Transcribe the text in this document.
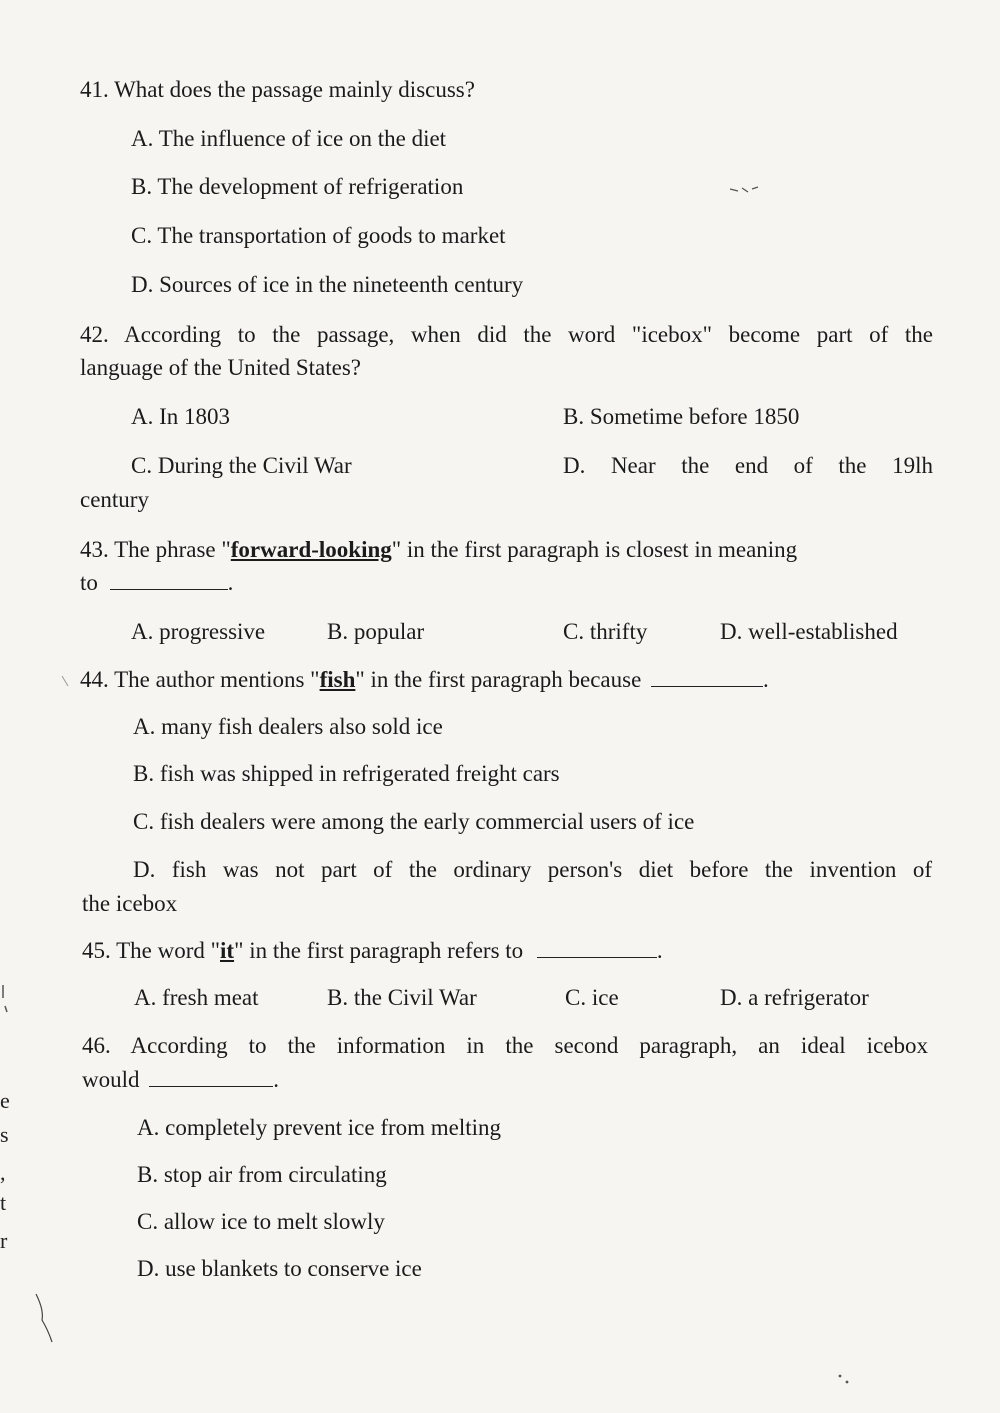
41. What does the passage mainly discuss?
A. The influence of ice on the diet
B. The development of refrigeration
C. The transportation of goods to market
D. Sources of ice in the nineteenth century
42. According to the passage, when did the word "icebox" become part of the
language of the United States?
A. In 1803	B. Sometime before 1850
C. During the Civil War	D. Near the end of the 19lh
century
43. The phrase "forward-looking" in the first paragraph is closest in meaning
to	.
A. progressive	B. popular	C. thrifty	D. well-established
44. The author mentions "fish" in the first paragraph because	.
A. many fish dealers also sold ice
B. fish was shipped in refrigerated freight cars
C. fish dealers were among the early commercial users of ice
D. fish was not part of the ordinary person's diet before the invention of
the icebox
45. The word "it" in the first paragraph refers to	.
A. fresh meat	B. the Civil War	C. ice	D. a refrigerator
46. According to the information in the second paragraph, an ideal icebox
would	.
A. completely prevent ice from melting
B. stop air from circulating
C. allow ice to melt slowly
D. use blankets to conserve ice
e
s
,
t
r
